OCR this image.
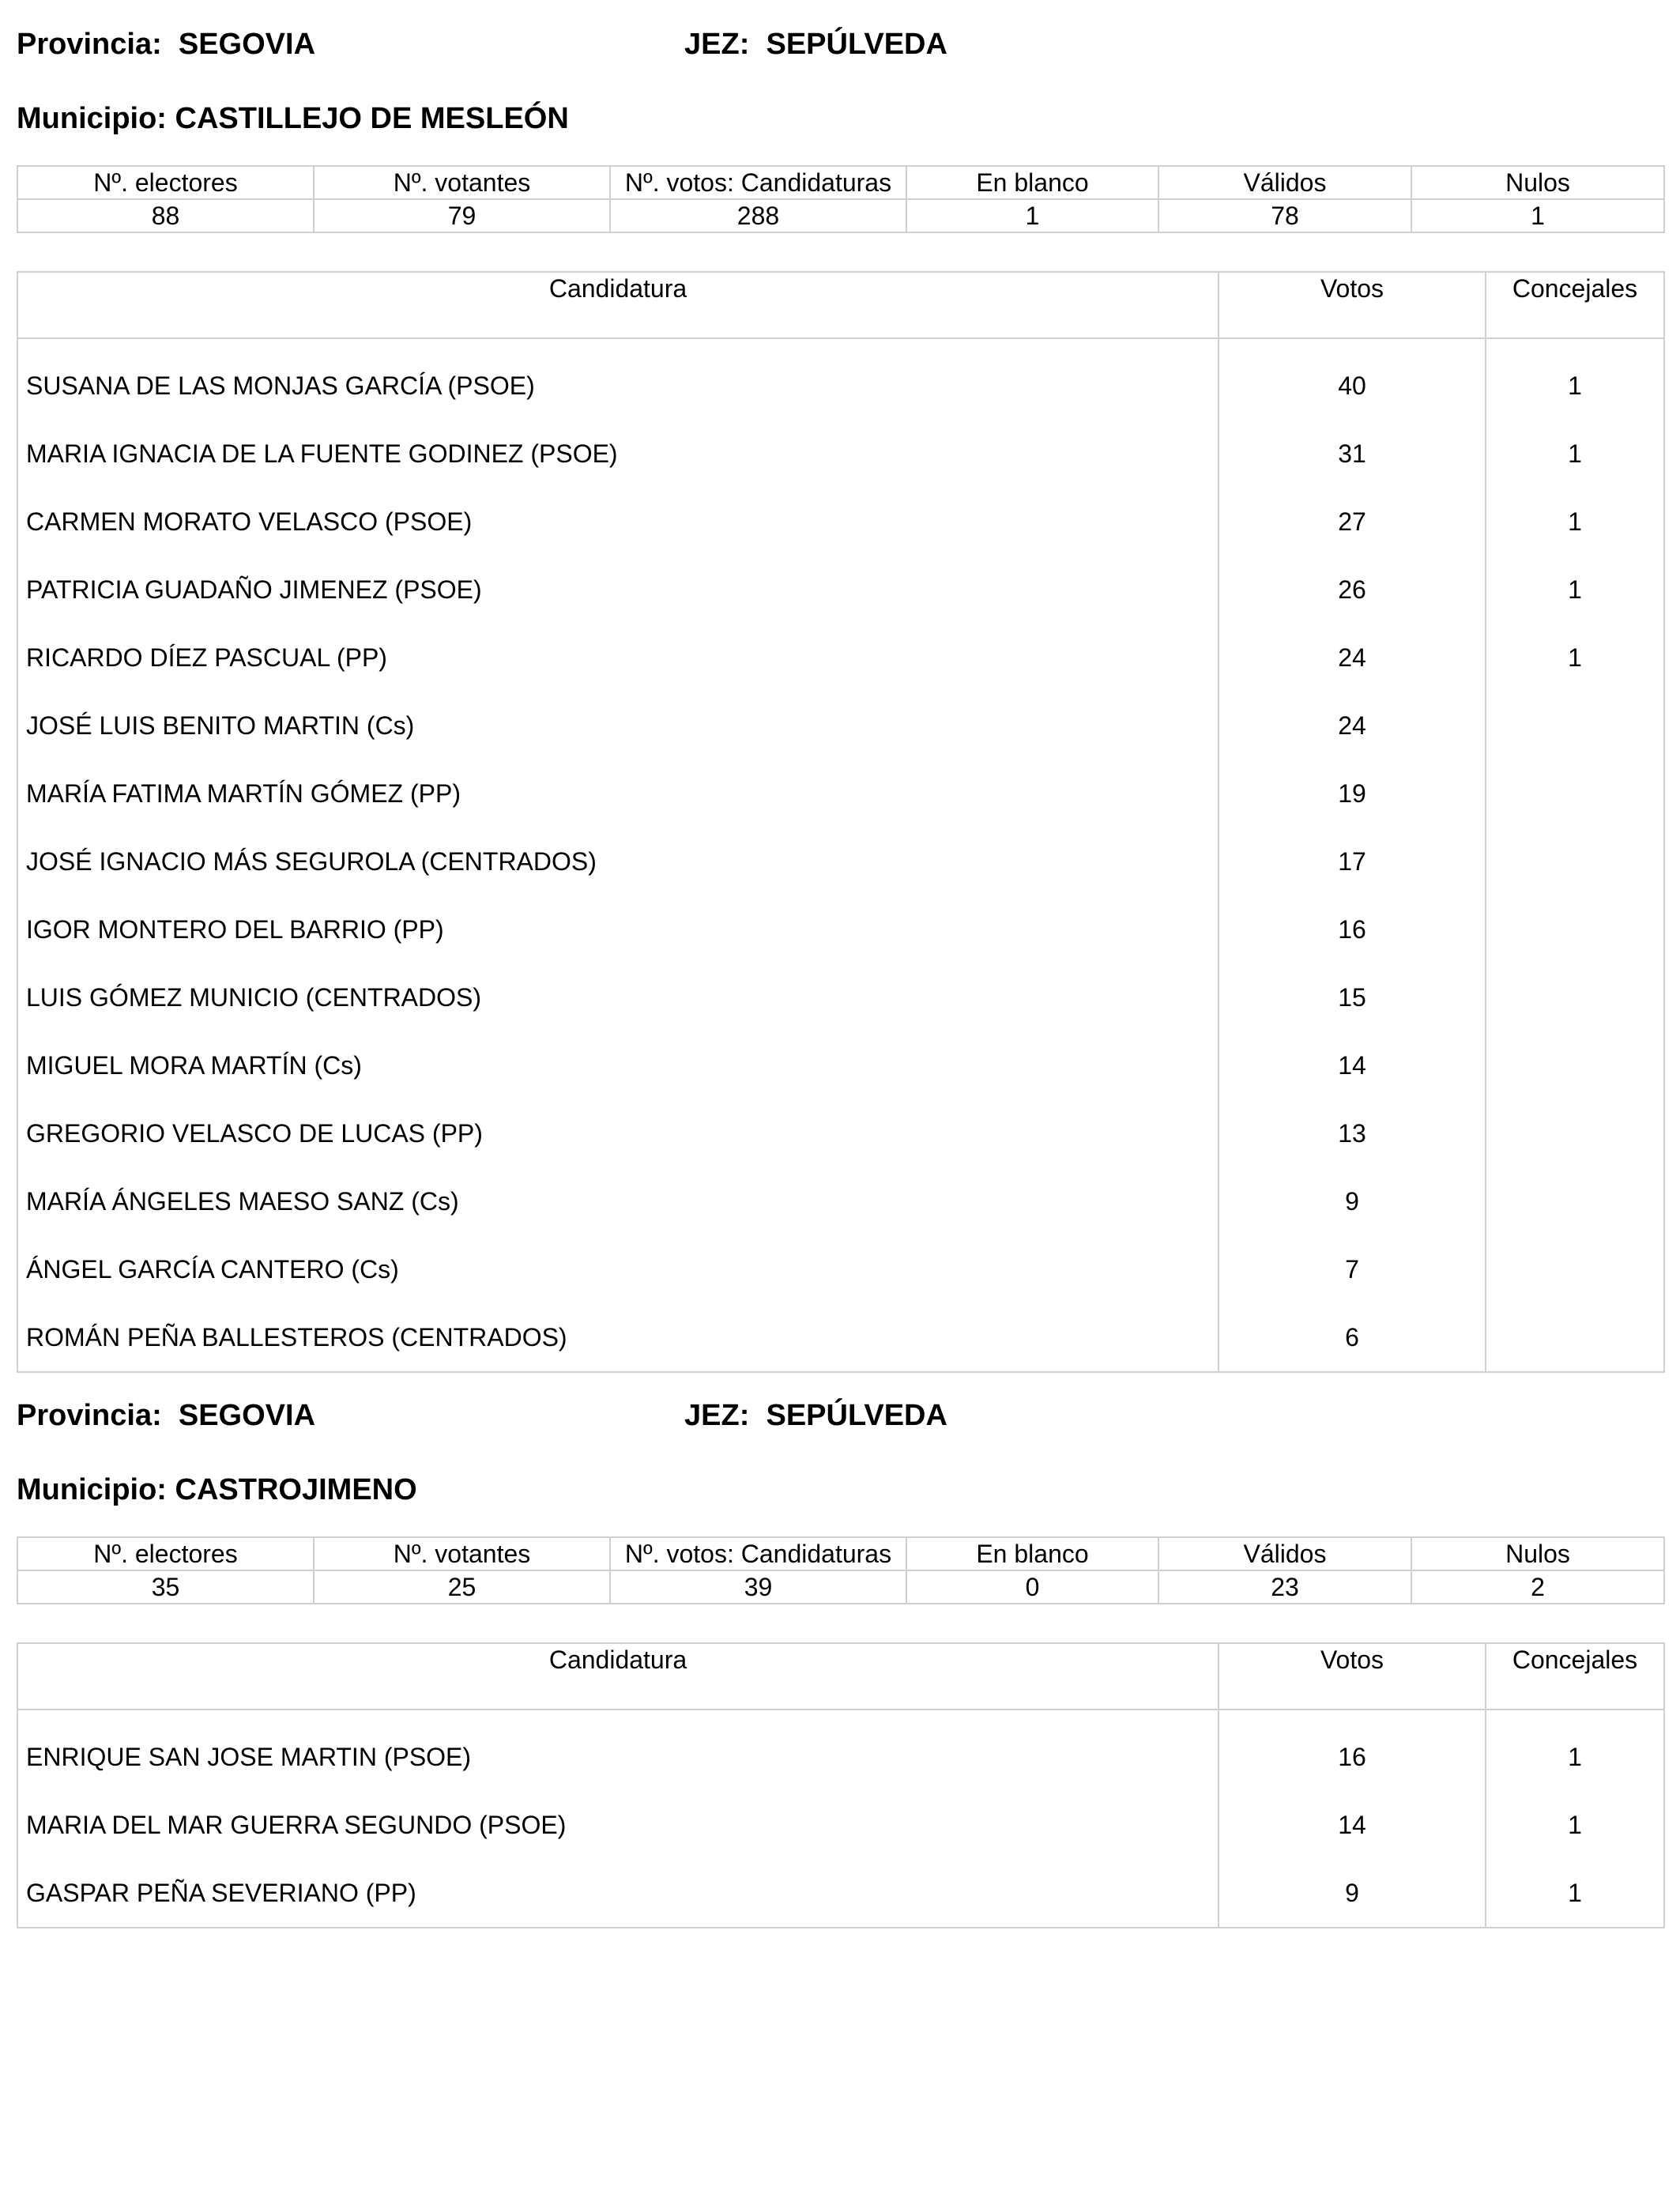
Provincia: SEGOVIA	JEZ: SEPÚLVEDA
Municipio: CASTILLEJO DE MESLEÓN
Nº. electores	Nº. votantes	Nº. votos: Candidaturas	En blanco	Válidos	Nulos
88	79	288	1	78	1
Candidatura	Votos	Concejales
SUSANA DE LAS MONJAS GARCÍA (PSOE)	40	1
MARIA IGNACIA DE LA FUENTE GODINEZ (PSOE)	31	1
CARMEN MORATO VELASCO (PSOE)	27	1
PATRICIA GUADAÑO JIMENEZ (PSOE)	26	1
RICARDO DÍEZ PASCUAL (PP)	24	1
JOSÉ LUIS BENITO MARTIN (Cs)	24	
MARÍA FATIMA MARTÍN GÓMEZ (PP)	19	
JOSÉ IGNACIO MÁS SEGUROLA (CENTRADOS)	17	
IGOR MONTERO DEL BARRIO (PP)	16	
LUIS GÓMEZ MUNICIO (CENTRADOS)	15	
MIGUEL MORA MARTÍN (Cs)	14	
GREGORIO VELASCO DE LUCAS (PP)	13	
MARÍA ÁNGELES MAESO SANZ (Cs)	9	
ÁNGEL GARCÍA CANTERO (Cs)	7	
ROMÁN PEÑA BALLESTEROS (CENTRADOS)	6	
Provincia: SEGOVIA	JEZ: SEPÚLVEDA
Municipio: CASTROJIMENO
Nº. electores	Nº. votantes	Nº. votos: Candidaturas	En blanco	Válidos	Nulos
35	25	39	0	23	2
Candidatura	Votos	Concejales
ENRIQUE SAN JOSE MARTIN (PSOE)	16	1
MARIA DEL MAR GUERRA SEGUNDO (PSOE)	14	1
GASPAR PEÑA SEVERIANO (PP)	9	1
